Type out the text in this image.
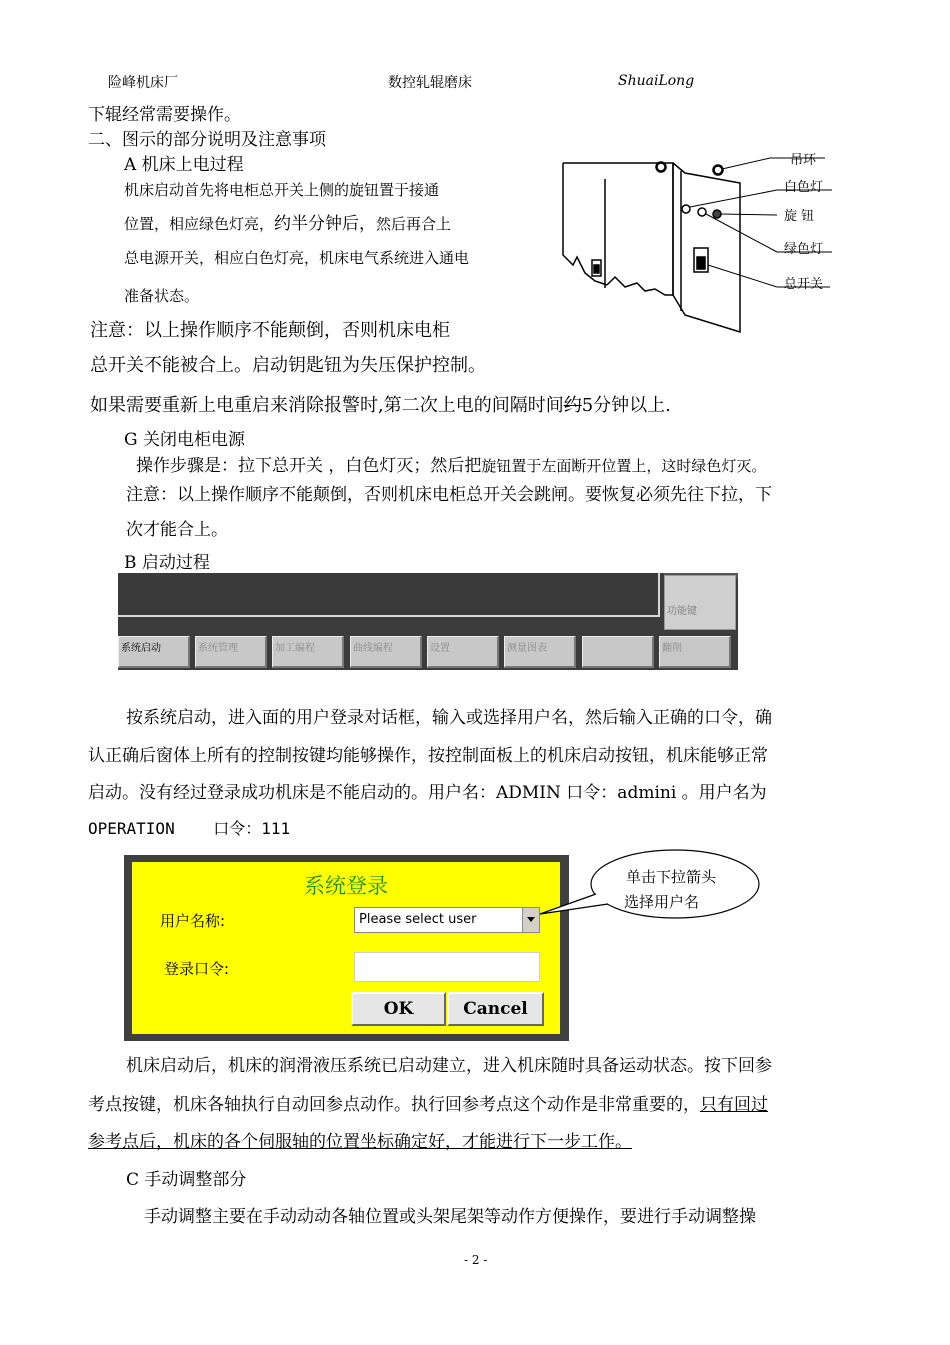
险峰机床厂	数控轧辊磨床	ShuaiLong
下辊经常需要操作。
二、图示的部分说明及注意事项
A 机床上电过程
机床启动首先将电柜总开关上侧的旋钮置于接通
位置，相应绿色灯亮，约半分钟后，然后再合上
总电源开关，相应白色灯亮，机床电气系统进入通电
准备状态。
吊环
白色灯
旋 钮
绿色灯
总开关
注意：以上操作顺序不能颠倒，否则机床电柜
总开关不能被合上。启动钥匙钮为失压保护控制。
如果需要重新上电重启来消除报警时,第二次上电的间隔时间约5分钟以上.
G 关闭电柜电源
操作步骤是：拉下总开关 ，白色灯灭；然后把旋钮置于左面断开位置上，这时绿色灯灭。
注意：以上操作顺序不能颠倒，否则机床电柜总开关会跳闸。要恢复必须先往下拉，下
次才能合上。
B 启动过程
功能键
系统启动	系统管理	加工编程	曲线编程	设置	测量图表	翻削
按系统启动，进入面的用户登录对话框，输入或选择用户名，然后输入正确的口令，确
认正确后窗体上所有的控制按键均能够操作，按控制面板上的机床启动按钮，机床能够正常
启动。没有经过登录成功机床是不能启动的。用户名：ADMIN 口令：admini 。用户名为
OPERATION    口令：111
系统登录
用户名称:	Please select user
登录口令:
OK	Cancel
单击下拉箭头
选择用户名
机床启动后，机床的润滑液压系统已启动建立，进入机床随时具备运动状态。按下回参
考点按键，机床各轴执行自动回参点动作。执行回参考点这个动作是非常重要的，只有回过
参考点后，机床的各个伺服轴的位置坐标确定好，才能进行下一步工作。
C 手动调整部分
手动调整主要在手动动动各轴位置或头架尾架等动作方便操作，要进行手动调整操
- 2 -
